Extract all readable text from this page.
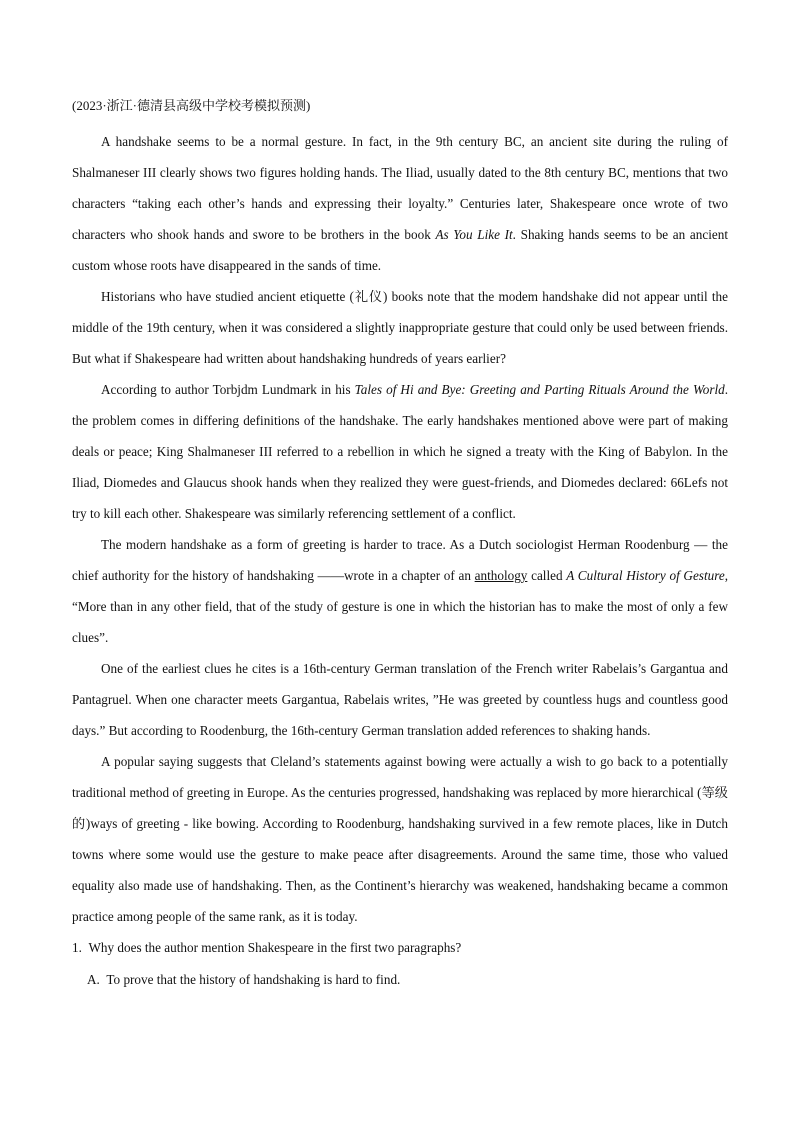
(2023·浙江·德清县高级中学校考模拟预测)

A handshake seems to be a normal gesture. In fact, in the 9th century BC, an ancient site during the ruling of Shalmaneser III clearly shows two figures holding hands. The Iliad, usually dated to the 8th century BC, mentions that two characters “taking each other’s hands and expressing their loyalty.” Centuries later, Shakespeare once wrote of two characters who shook hands and swore to be brothers in the book As You Like It. Shaking hands seems to be an ancient custom whose roots have disappeared in the sands of time.

Historians who have studied ancient etiquette (礼仪) books note that the modem handshake did not appear until the middle of the 19th century, when it was considered a slightly inappropriate gesture that could only be used between friends. But what if Shakespeare had written about handshaking hundreds of years earlier?

According to author Torbjdm Lundmark in his Tales of Hi and Bye: Greeting and Parting Rituals Around the World. the problem comes in differing definitions of the handshake. The early handshakes mentioned above were part of making deals or peace; King Shalmaneser III referred to a rebellion in which he signed a treaty with the King of Babylon. In the Iliad, Diomedes and Glaucus shook hands when they realized they were guest-friends, and Diomedes declared: 66Lefs not try to kill each other. Shakespeare was similarly referencing settlement of a conflict.

The modern handshake as a form of greeting is harder to trace. As a Dutch sociologist Herman Roodenburg — the chief authority for the history of handshaking ——wrote in a chapter of an anthology called A Cultural History of Gesture, “More than in any other field, that of the study of gesture is one in which the historian has to make the most of only a few clues”.

One of the earliest clues he cites is a 16th-century German translation of the French writer Rabelais’s Gargantua and Pantagruel. When one character meets Gargantua, Rabelais writes, ”He was greeted by countless hugs and countless good days.” But according to Roodenburg, the 16th-century German translation added references to shaking hands.

A popular saying suggests that Cleland’s statements against bowing were actually a wish to go back to a potentially traditional method of greeting in Europe. As the centuries progressed, handshaking was replaced by more hierarchical (等级的)ways of greeting - like bowing. According to Roodenburg, handshaking survived in a few remote places, like in Dutch towns where some would use the gesture to make peace after disagreements. Around the same time, those who valued equality also made use of handshaking. Then, as the Continent’s hierarchy was weakened, handshaking became a common practice among people of the same rank, as it is today.

1. Why does the author mention Shakespeare in the first two paragraphs?
A. To prove that the history of handshaking is hard to find.
